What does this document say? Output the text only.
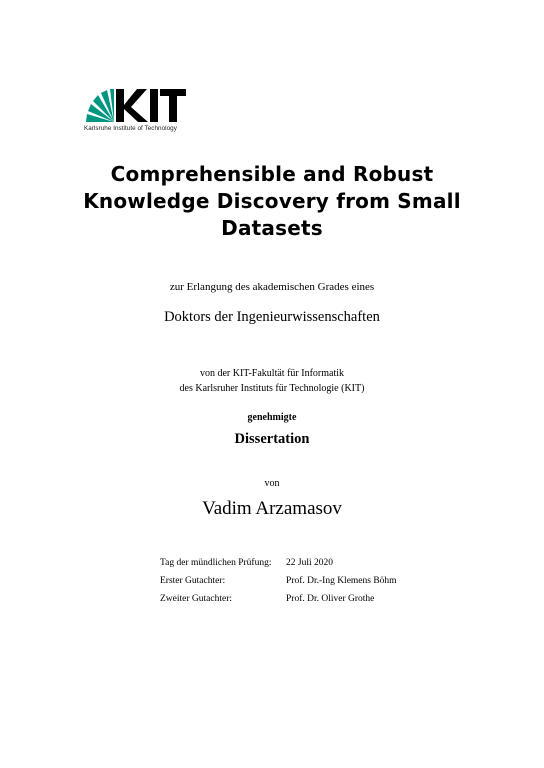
Karlsruhe Institute of Technology
Comprehensible and Robust
Knowledge Discovery from Small
Datasets
zur Erlangung des akademischen Grades eines
Doktors der Ingenieurwissenschaften
von der KIT-Fakultät für Informatik
des Karlsruher Instituts für Technologie (KIT)
genehmigte
Dissertation
von
Vadim Arzamasov
Tag der mündlichen Prüfung: 22 Juli 2020
Erster Gutachter:	Prof. Dr.-Ing Klemens Böhm
Zweiter Gutachter:	Prof. Dr. Oliver Grothe
